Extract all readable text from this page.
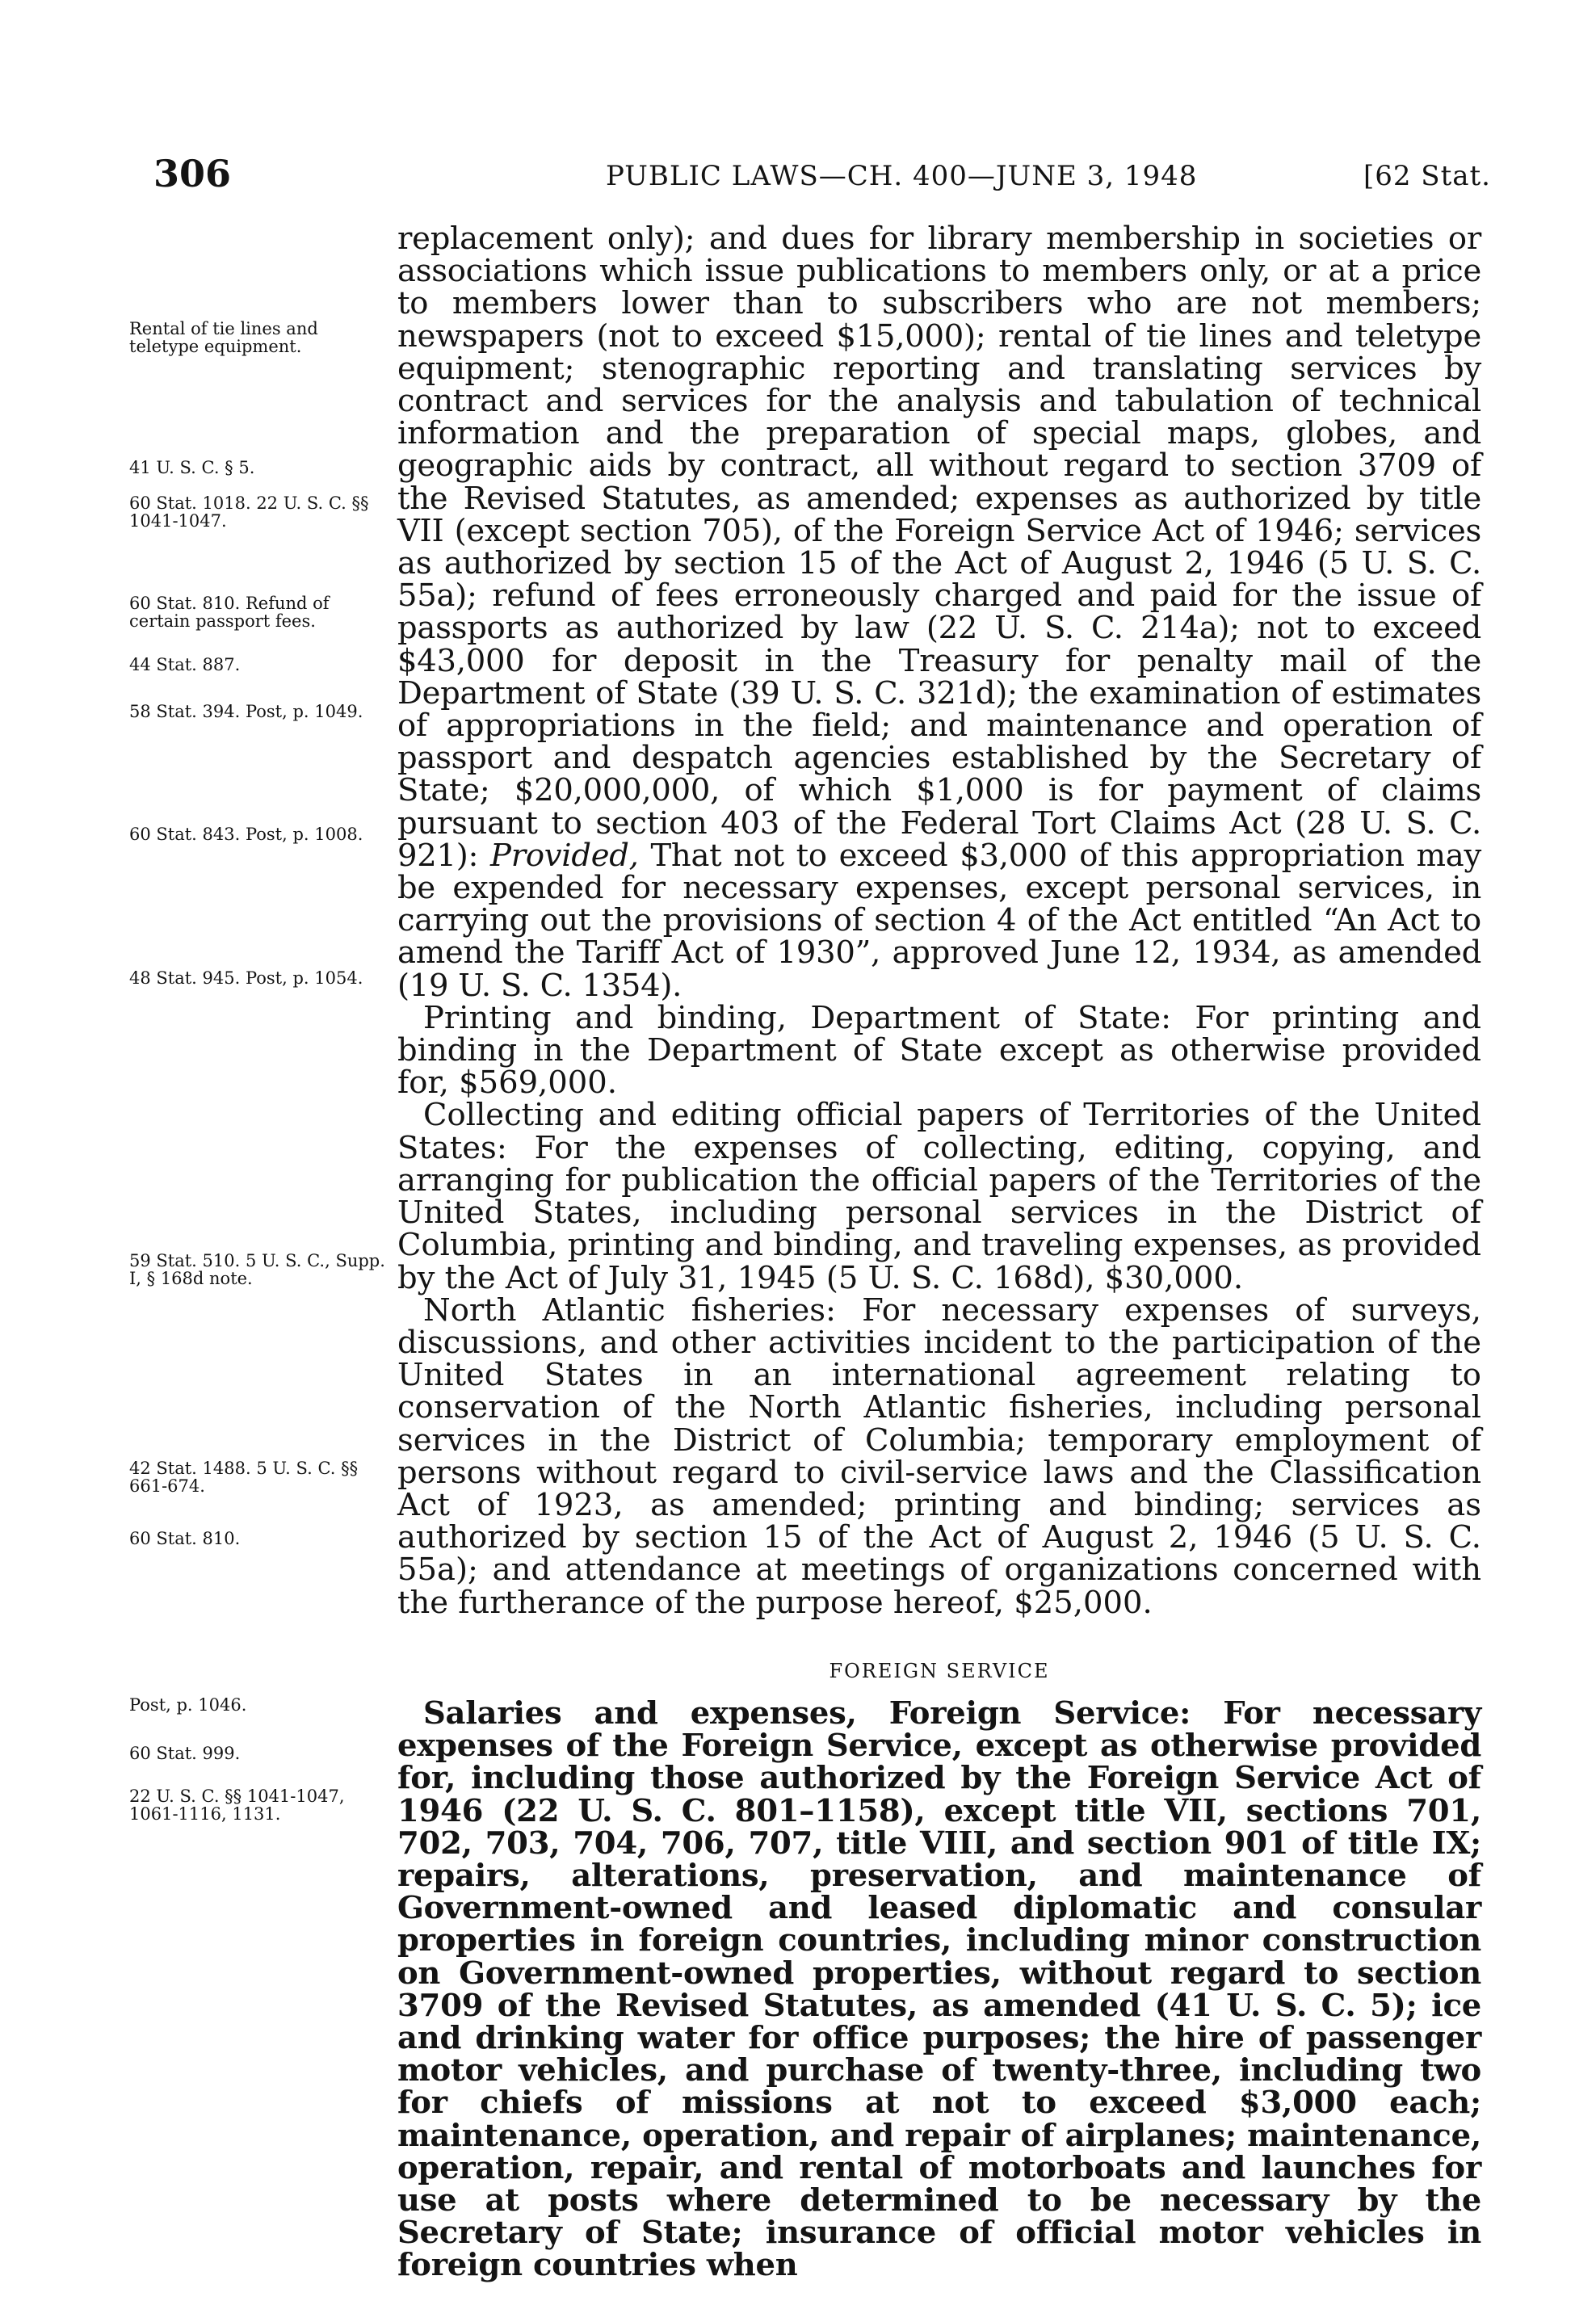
306	PUBLIC LAWS—CH. 400—JUNE 3, 1948	[62 Stat.
Rental of tie lines and teletype equipment.
41 U. S. C. § 5.
60 Stat. 1018. 22 U. S. C. §§ 1041-1047.
60 Stat. 810. Refund of certain passport fees.
44 Stat. 887.
58 Stat. 394. Post, p. 1049.
60 Stat. 843. Post, p. 1008.
48 Stat. 945. Post, p. 1054.
59 Stat. 510. 5 U. S. C., Supp. I, § 168d note.
42 Stat. 1488. 5 U. S. C. §§ 661-674.
60 Stat. 810.
Post, p. 1046.
60 Stat. 999.
22 U. S. C. §§ 1041-1047, 1061-1116, 1131.

replacement only); and dues for library membership in societies or associations which issue publications to members only, or at a price to members lower than to subscribers who are not members; newspapers (not to exceed $15,000); rental of tie lines and teletype equipment; stenographic reporting and translating services by contract and services for the analysis and tabulation of technical information and the preparation of special maps, globes, and geographic aids by contract, all without regard to section 3709 of the Revised Statutes, as amended; expenses as authorized by title VII (except section 705), of the Foreign Service Act of 1946; services as authorized by section 15 of the Act of August 2, 1946 (5 U. S. C. 55a); refund of fees erroneously charged and paid for the issue of passports as authorized by law (22 U. S. C. 214a); not to exceed $43,000 for deposit in the Treasury for penalty mail of the Department of State (39 U. S. C. 321d); the examination of estimates of appropriations in the field; and maintenance and operation of passport and despatch agencies established by the Secretary of State; $20,000,000, of which $1,000 is for payment of claims pursuant to section 403 of the Federal Tort Claims Act (28 U. S. C. 921): Provided, That not to exceed $3,000 of this appropriation may be expended for necessary expenses, except personal services, in carrying out the provisions of section 4 of the Act entitled “An Act to amend the Tariff Act of 1930”, approved June 12, 1934, as amended (19 U. S. C. 1354).

Printing and binding, Department of State: For printing and binding in the Department of State except as otherwise provided for, $569,000.

Collecting and editing official papers of Territories of the United States: For the expenses of collecting, editing, copying, and arranging for publication the official papers of the Territories of the United States, including personal services in the District of Columbia, printing and binding, and traveling expenses, as provided by the Act of July 31, 1945 (5 U. S. C. 168d), $30,000.

North Atlantic fisheries: For necessary expenses of surveys, discussions, and other activities incident to the participation of the United States in an international agreement relating to conservation of the North Atlantic fisheries, including personal services in the District of Columbia; temporary employment of persons without regard to civil-service laws and the Classification Act of 1923, as amended; printing and binding; services as authorized by section 15 of the Act of August 2, 1946 (5 U. S. C. 55a); and attendance at meetings of organizations concerned with the furtherance of the purpose hereof, $25,000.

FOREIGN SERVICE

Salaries and expenses, Foreign Service: For necessary expenses of the Foreign Service, except as otherwise provided for, including those authorized by the Foreign Service Act of 1946 (22 U. S. C. 801–1158), except title VII, sections 701, 702, 703, 704, 706, 707, title VIII, and section 901 of title IX; repairs, alterations, preservation, and maintenance of Government-owned and leased diplomatic and consular properties in foreign countries, including minor construction on Government-owned properties, without regard to section 3709 of the Revised Statutes, as amended (41 U. S. C. 5); ice and drinking water for office purposes; the hire of passenger motor vehicles, and purchase of twenty-three, including two for chiefs of missions at not to exceed $3,000 each; maintenance, operation, and repair of airplanes; maintenance, operation, repair, and rental of motorboats and launches for use at posts where determined to be necessary by the Secretary of State; insurance of official motor vehicles in foreign countries when
